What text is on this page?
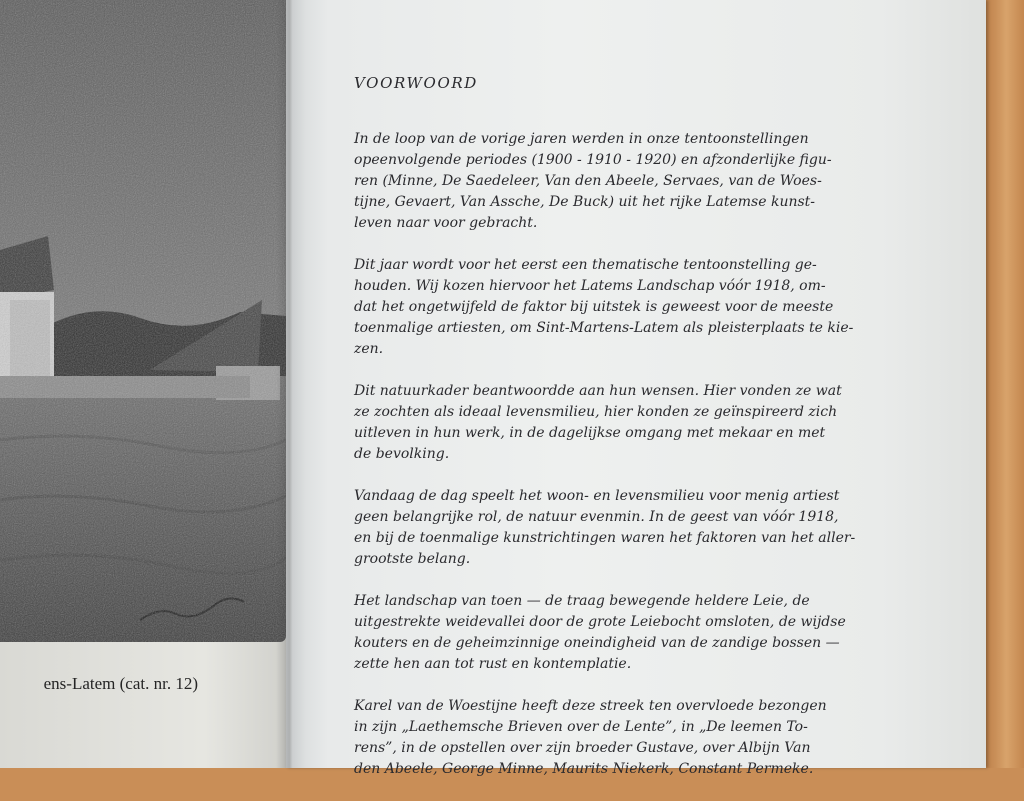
ens-Latem (cat. nr. 12)
VOORWOORD
In de loop van de vorige jaren werden in onze tentoonstellingen
opeenvolgende periodes (1900 - 1910 - 1920) en afzonderlijke figu-
ren (Minne, De Saedeleer, Van den Abeele, Servaes, van de Woes-
tijne, Gevaert, Van Assche, De Buck) uit het rijke Latemse kunst-
leven naar voor gebracht.
Dit jaar wordt voor het eerst een thematische tentoonstelling ge-
houden. Wij kozen hiervoor het Latems Landschap vóór 1918, om-
dat het ongetwijfeld de faktor bij uitstek is geweest voor de meeste
toenmalige artiesten, om Sint-Martens-Latem als pleisterplaats te kie-
zen.
Dit natuurkader beantwoordde aan hun wensen. Hier vonden ze wat
ze zochten als ideaal levensmilieu, hier konden ze geïnspireerd zich
uitleven in hun werk, in de dagelijkse omgang met mekaar en met
de bevolking.
Vandaag de dag speelt het woon- en levensmilieu voor menig artiest
geen belangrijke rol, de natuur evenmin. In de geest van vóór 1918,
en bij de toenmalige kunstrichtingen waren het faktoren van het aller-
grootste belang.
Het landschap van toen — de traag bewegende heldere Leie, de
uitgestrekte weidevallei door de grote Leiebocht omsloten, de wijdse
kouters en de geheimzinnige oneindigheid van de zandige bossen —
zette hen aan tot rust en kontemplatie.
Karel van de Woestijne heeft deze streek ten overvloede bezongen
in zijn „Laethemsche Brieven over de Lente”, in „De leemen To-
rens”, in de opstellen over zijn broeder Gustave, over Albijn Van
den Abeele, George Minne, Maurits Niekerk, Constant Permeke.
